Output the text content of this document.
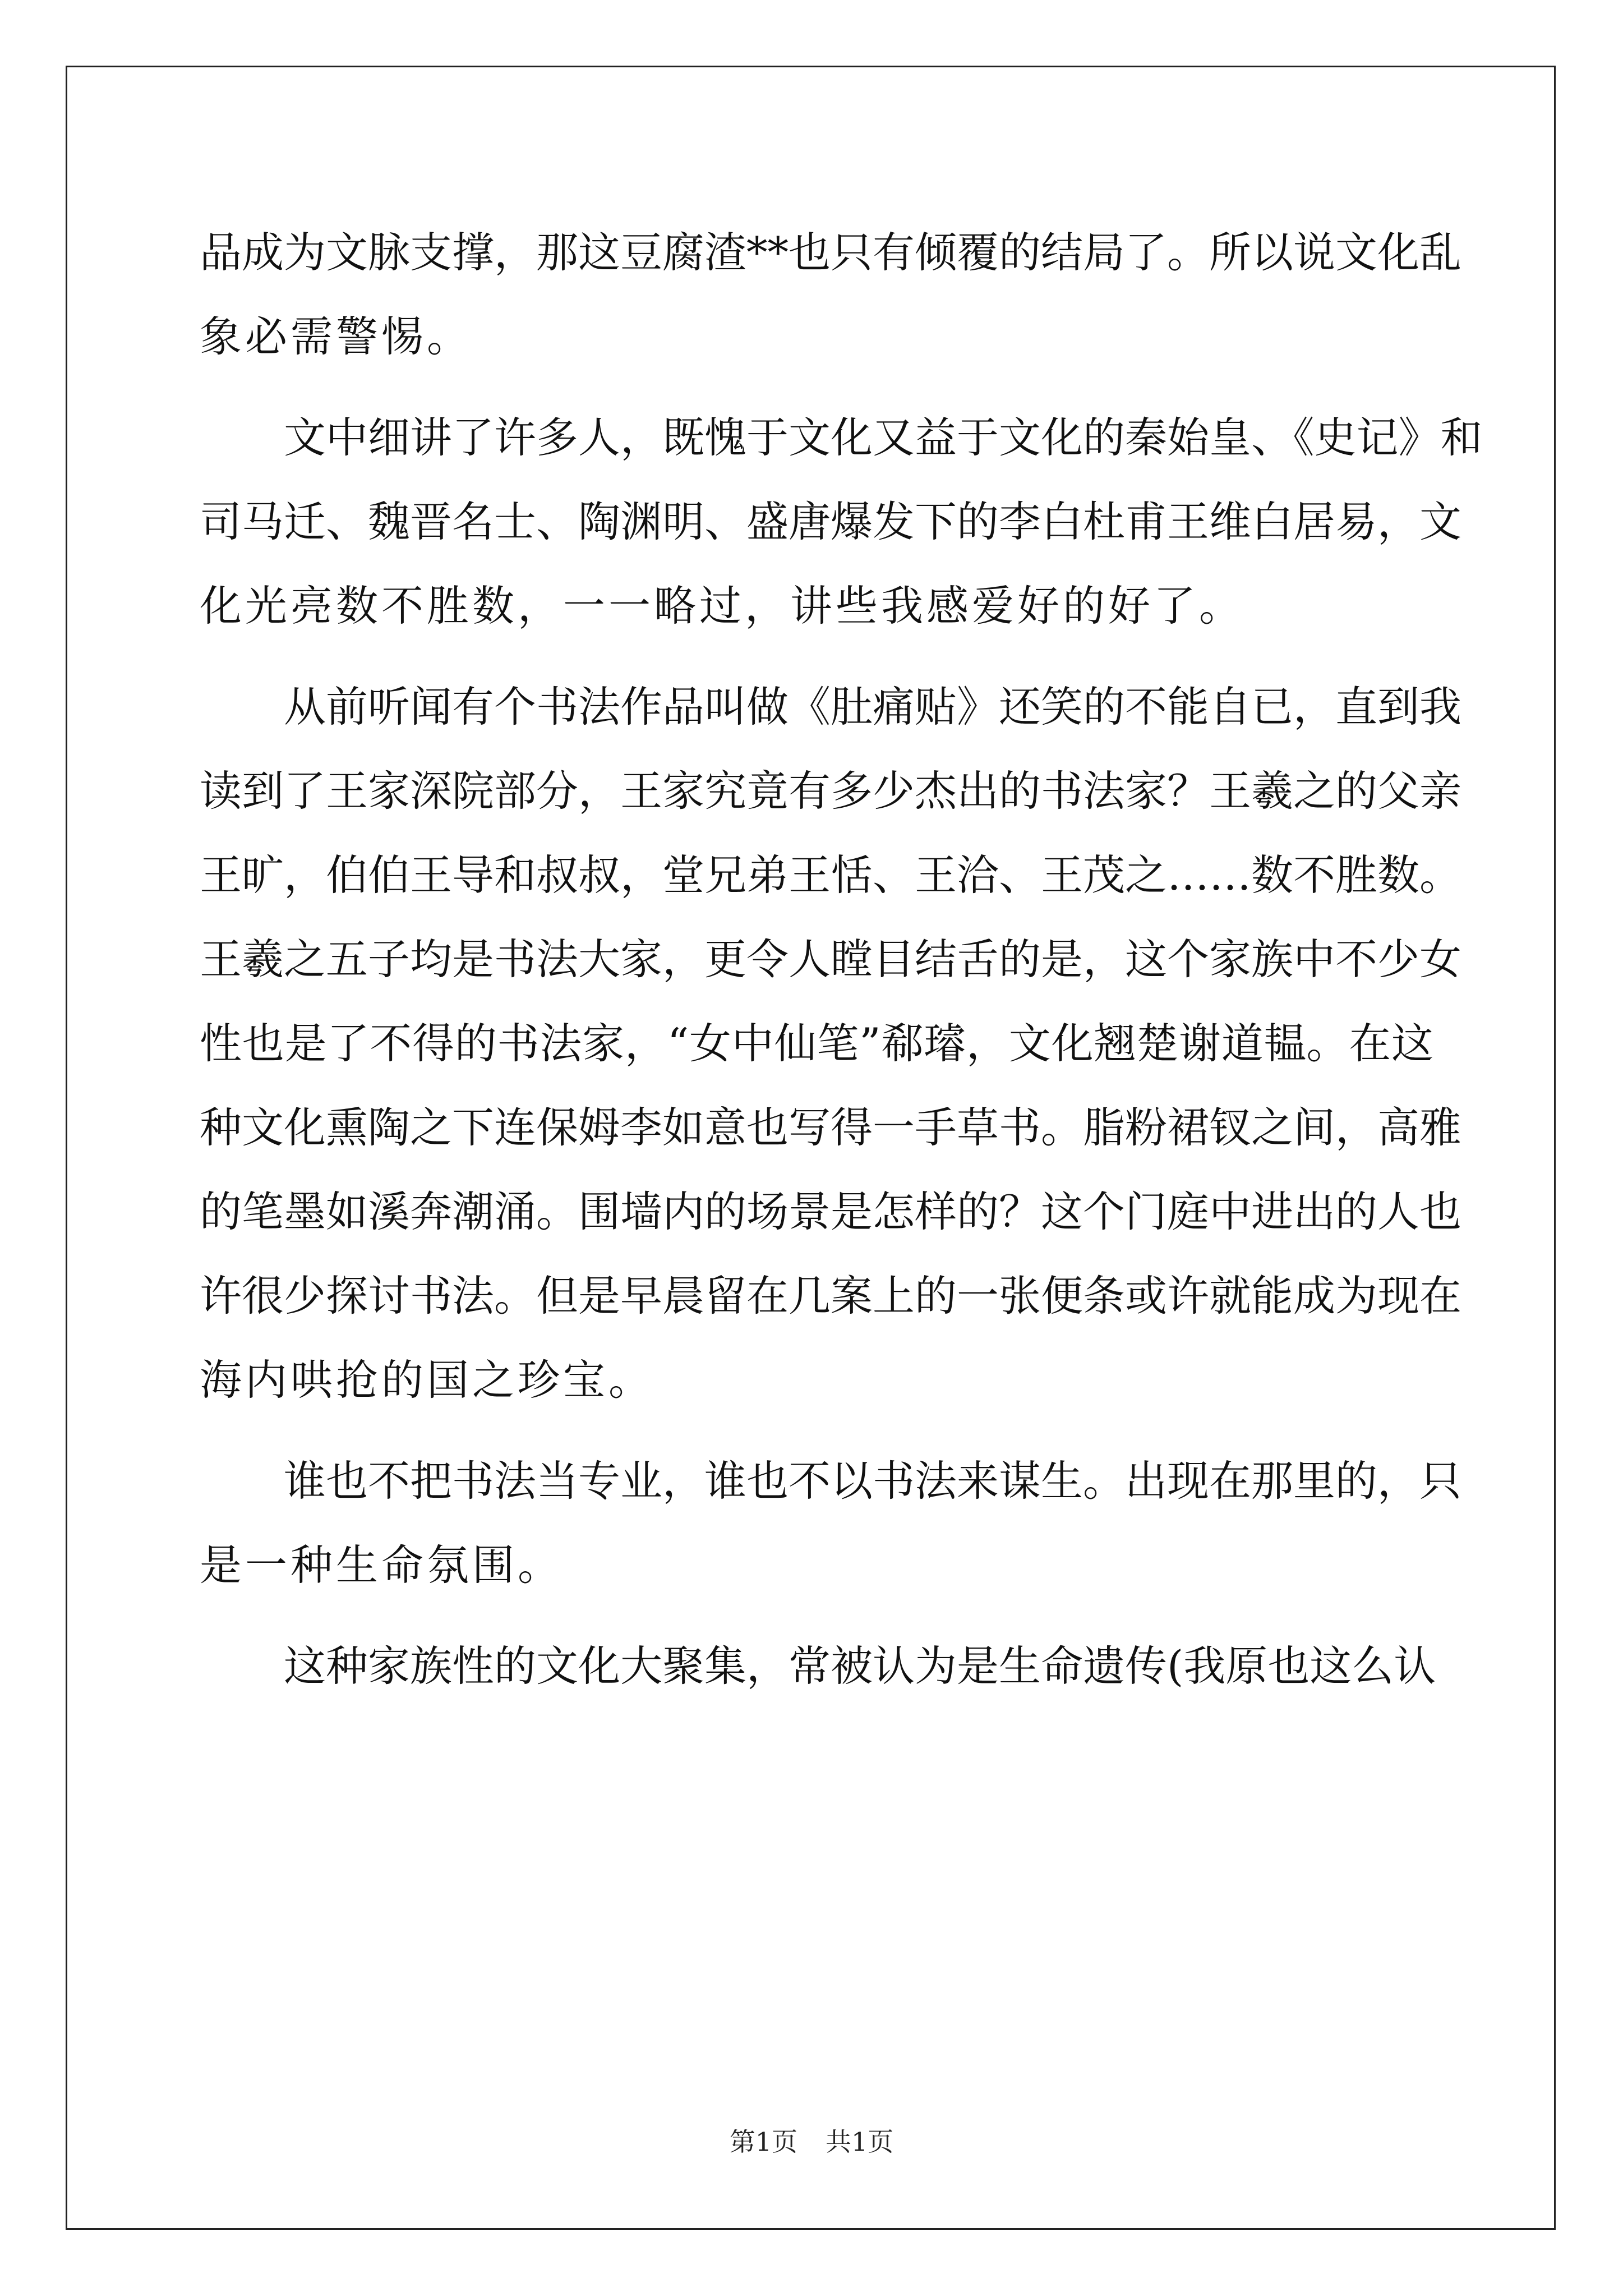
品成为文脉支撑，那这豆腐渣**也只有倾覆的结局了。所以说文化乱
象必需警惕。
文中细讲了许多人，既愧于文化又益于文化的秦始皇、《史记》和
司马迁、魏晋名士、陶渊明、盛唐爆发下的李白杜甫王维白居易，文
化光亮数不胜数，一一略过，讲些我感爱好的好了。
从前听闻有个书法作品叫做《肚痛贴》还笑的不能自已，直到我
读到了王家深院部分，王家究竟有多少杰出的书法家？王羲之的父亲
王旷，伯伯王导和叔叔，堂兄弟王恬、王洽、王茂之……数不胜数。
王羲之五子均是书法大家，更令人瞠目结舌的是，这个家族中不少女
性也是了不得的书法家，“女中仙笔”郗璿，文化翘楚谢道韫。在这
种文化熏陶之下连保姆李如意也写得一手草书。脂粉裙钗之间，高雅
的笔墨如溪奔潮涌。围墙内的场景是怎样的？这个门庭中进出的人也
许很少探讨书法。但是早晨留在几案上的一张便条或许就能成为现在
海内哄抢的国之珍宝。
谁也不把书法当专业，谁也不以书法来谋生。出现在那里的，只
是一种生命氛围。
这种家族性的文化大聚集，常被认为是生命遗传(我原也这么认
第1页 共1页
